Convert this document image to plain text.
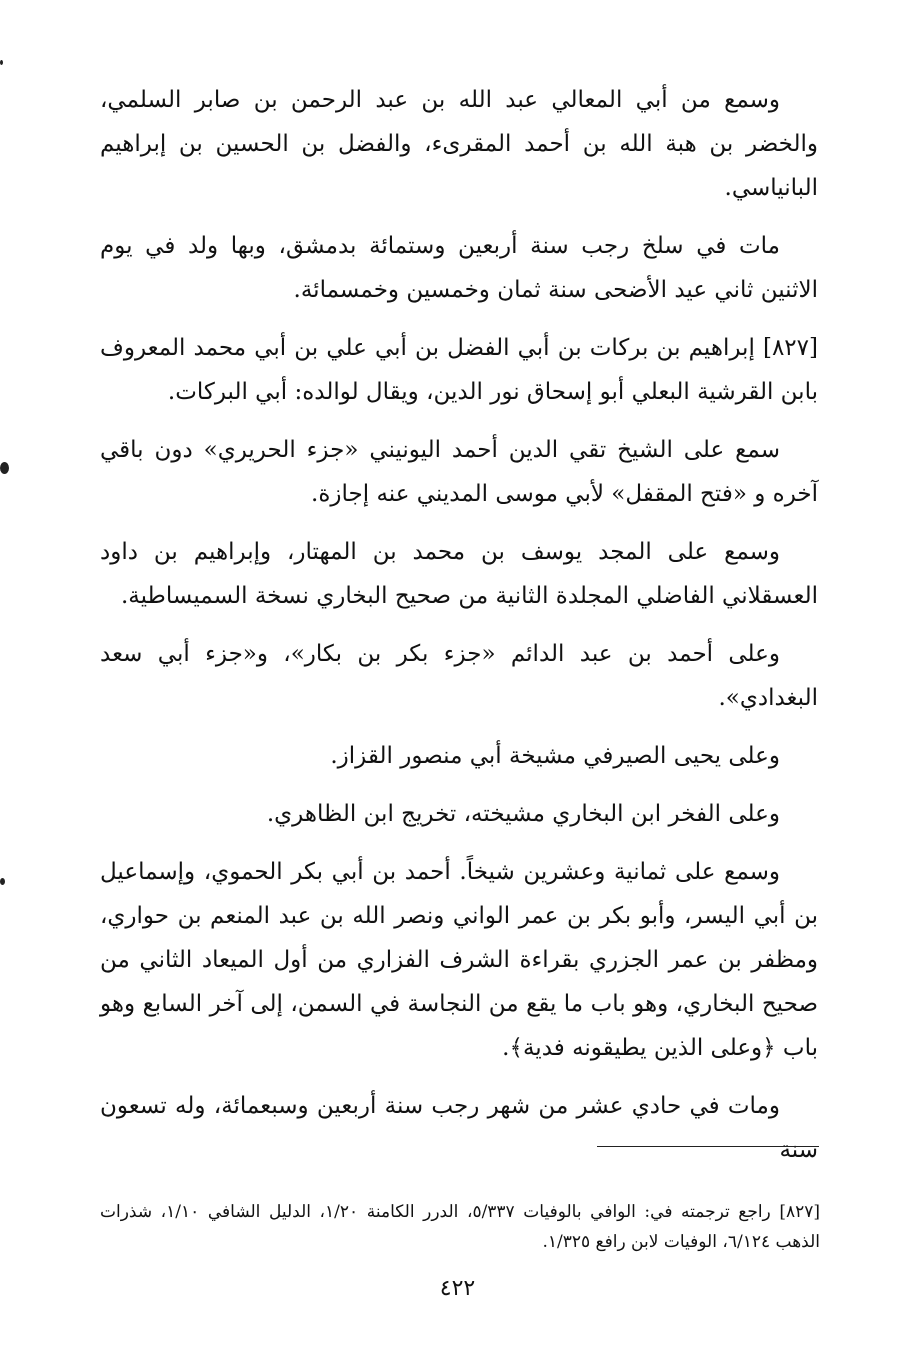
وسمع من أبي المعالي عبد الله بن عبد الرحمن بن صابر السلمي، والخضر بن هبة الله بن أحمد المقرىء، والفضل بن الحسين بن إبراهيم البانياسي.

مات في سلخ رجب سنة أربعين وستمائة بدمشق، وبها ولد في يوم الاثنين ثاني عيد الأضحى سنة ثمان وخمسين وخمسمائة.

[٨٢٧] إبراهيم بن بركات بن أبي الفضل بن أبي علي بن أبي محمد المعروف بابن القرشية البعلي أبو إسحاق نور الدين، ويقال لوالده: أبي البركات.

سمع على الشيخ تقي الدين أحمد اليونيني «جزء الحريري» دون باقي آخره و «فتح المقفل» لأبي موسى المديني عنه إجازة.

وسمع على المجد يوسف بن محمد بن المهتار، وإبراهيم بن داود العسقلاني الفاضلي المجلدة الثانية من صحيح البخاري نسخة السميساطية.

وعلى أحمد بن عبد الدائم «جزء بكر بن بكار»، و«جزء أبي سعد البغدادي».

وعلى يحيى الصيرفي مشيخة أبي منصور القزاز.

وعلى الفخر ابن البخاري مشيخته، تخريج ابن الظاهري.

وسمع على ثمانية وعشرين شيخاً. أحمد بن أبي بكر الحموي، وإسماعيل بن أبي اليسر، وأبو بكر بن عمر الواني ونصر الله بن عبد المنعم بن حواري، ومظفر بن عمر الجزري بقراءة الشرف الفزاري من أول الميعاد الثاني من صحيح البخاري، وهو باب ما يقع من النجاسة في السمن، إلى آخر السابع وهو باب ﴿وعلى الذين يطيقونه فدية﴾.

ومات في حادي عشر من شهر رجب سنة أربعين وسبعمائة، وله تسعون سنة

[٨٢٧] راجع ترجمته في: الوافي بالوفيات ٥/٣٣٧، الدرر الكامنة ١/٢٠، الدليل الشافي ١/١٠، شذرات الذهب ٦/١٢٤، الوفيات لابن رافع ١/٣٢٥.

٤٢٢
